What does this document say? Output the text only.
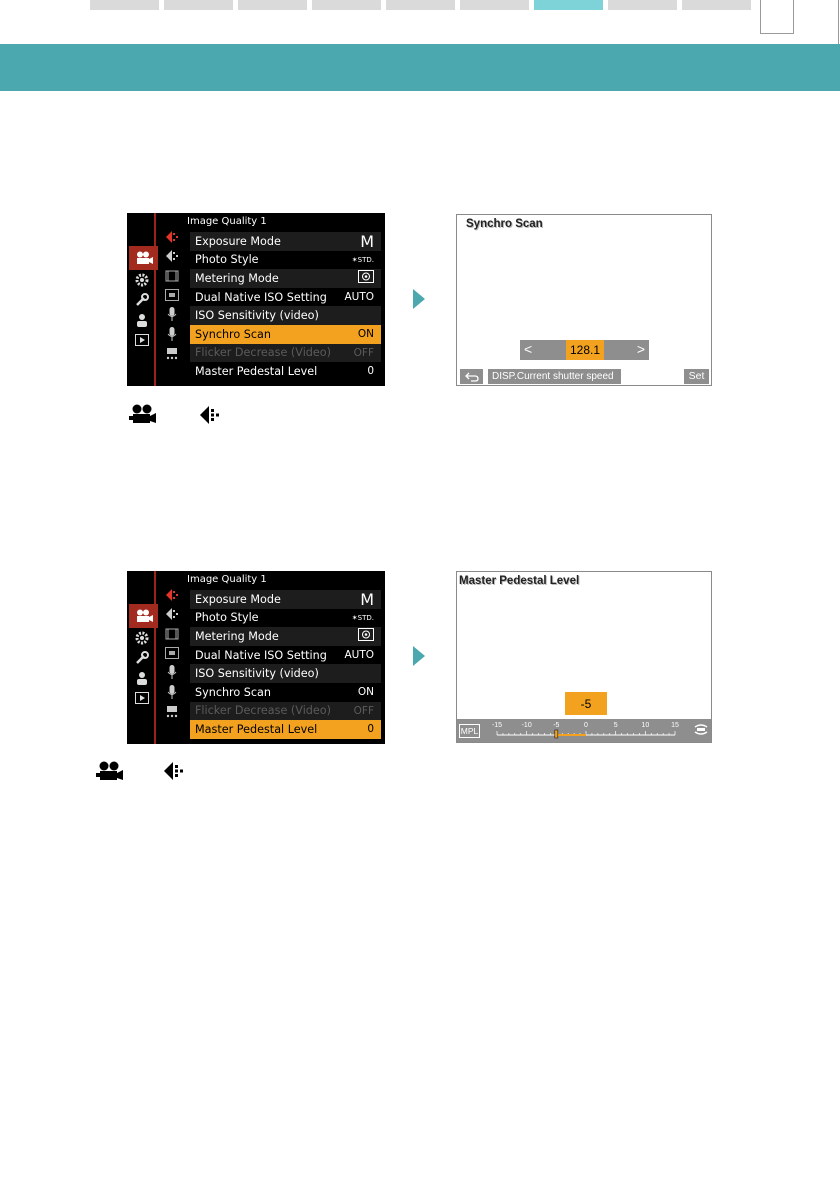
Image Quality 1
Exposure Mode	M
Photo Style	✶STD.
Metering Mode
Dual Native ISO Setting AUTO
ISO Sensitivity (video)
Synchro Scan	ON
Flicker Decrease (Video) OFF
Master Pedestal Level	0
Synchro Scan
<	128.1	>
DISP.Current shutter speed	Set
Image Quality 1
Exposure Mode	M
Photo Style	✶STD.
Metering Mode
Dual Native ISO Setting AUTO
ISO Sensitivity (video)
Synchro Scan	ON
Flicker Decrease (Video) OFF
Master Pedestal Level	0
Master Pedestal Level
-5
MPL
-15	-10	-5	0	5	10	15
